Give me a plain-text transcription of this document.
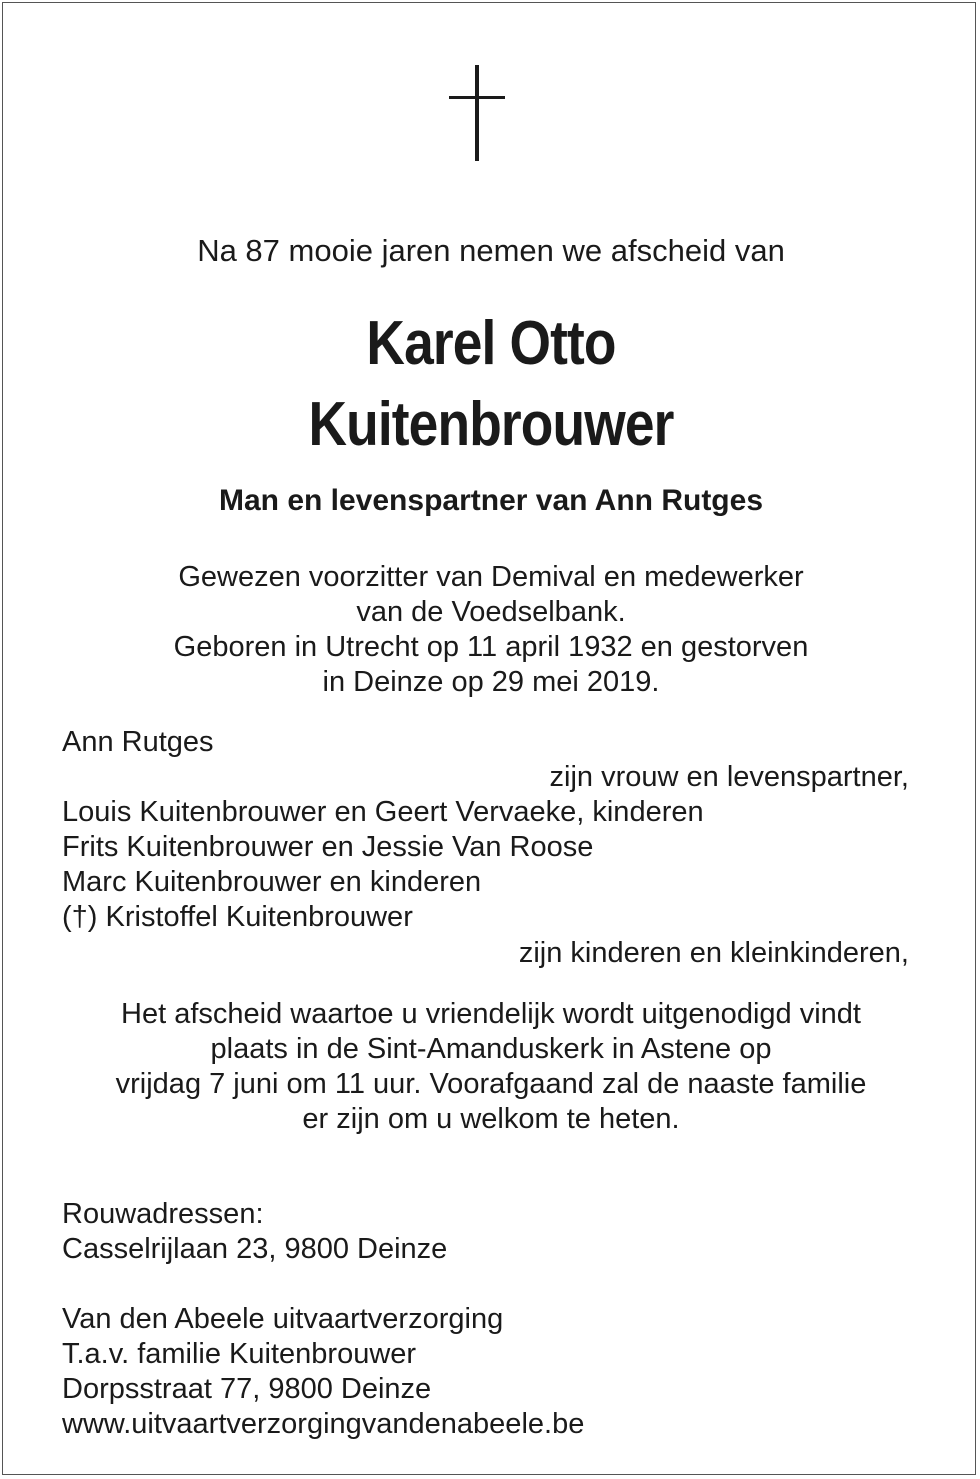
Na 87 mooie jaren nemen we afscheid van
Karel Otto
Kuitenbrouwer
Man en levenspartner van Ann Rutges
Gewezen voorzitter van Demival en medewerker
van de Voedselbank.
Geboren in Utrecht op 11 april 1932 en gestorven
in Deinze op 29 mei 2019.
Ann Rutges
zijn vrouw en levenspartner,
Louis Kuitenbrouwer en Geert Vervaeke, kinderen
Frits Kuitenbrouwer en Jessie Van Roose
Marc Kuitenbrouwer en kinderen
(†) Kristoffel Kuitenbrouwer
zijn kinderen en kleinkinderen,
Het afscheid waartoe u vriendelijk wordt uitgenodigd vindt
plaats in de Sint-Amanduskerk in Astene op
vrijdag 7 juni om 11 uur. Voorafgaand zal de naaste familie
er zijn om u welkom te heten.
Rouwadressen:
Casselrijlaan 23, 9800 Deinze
Van den Abeele uitvaartverzorging
T.a.v. familie Kuitenbrouwer
Dorpsstraat 77, 9800 Deinze
www.uitvaartverzorgingvandenabeele.be
